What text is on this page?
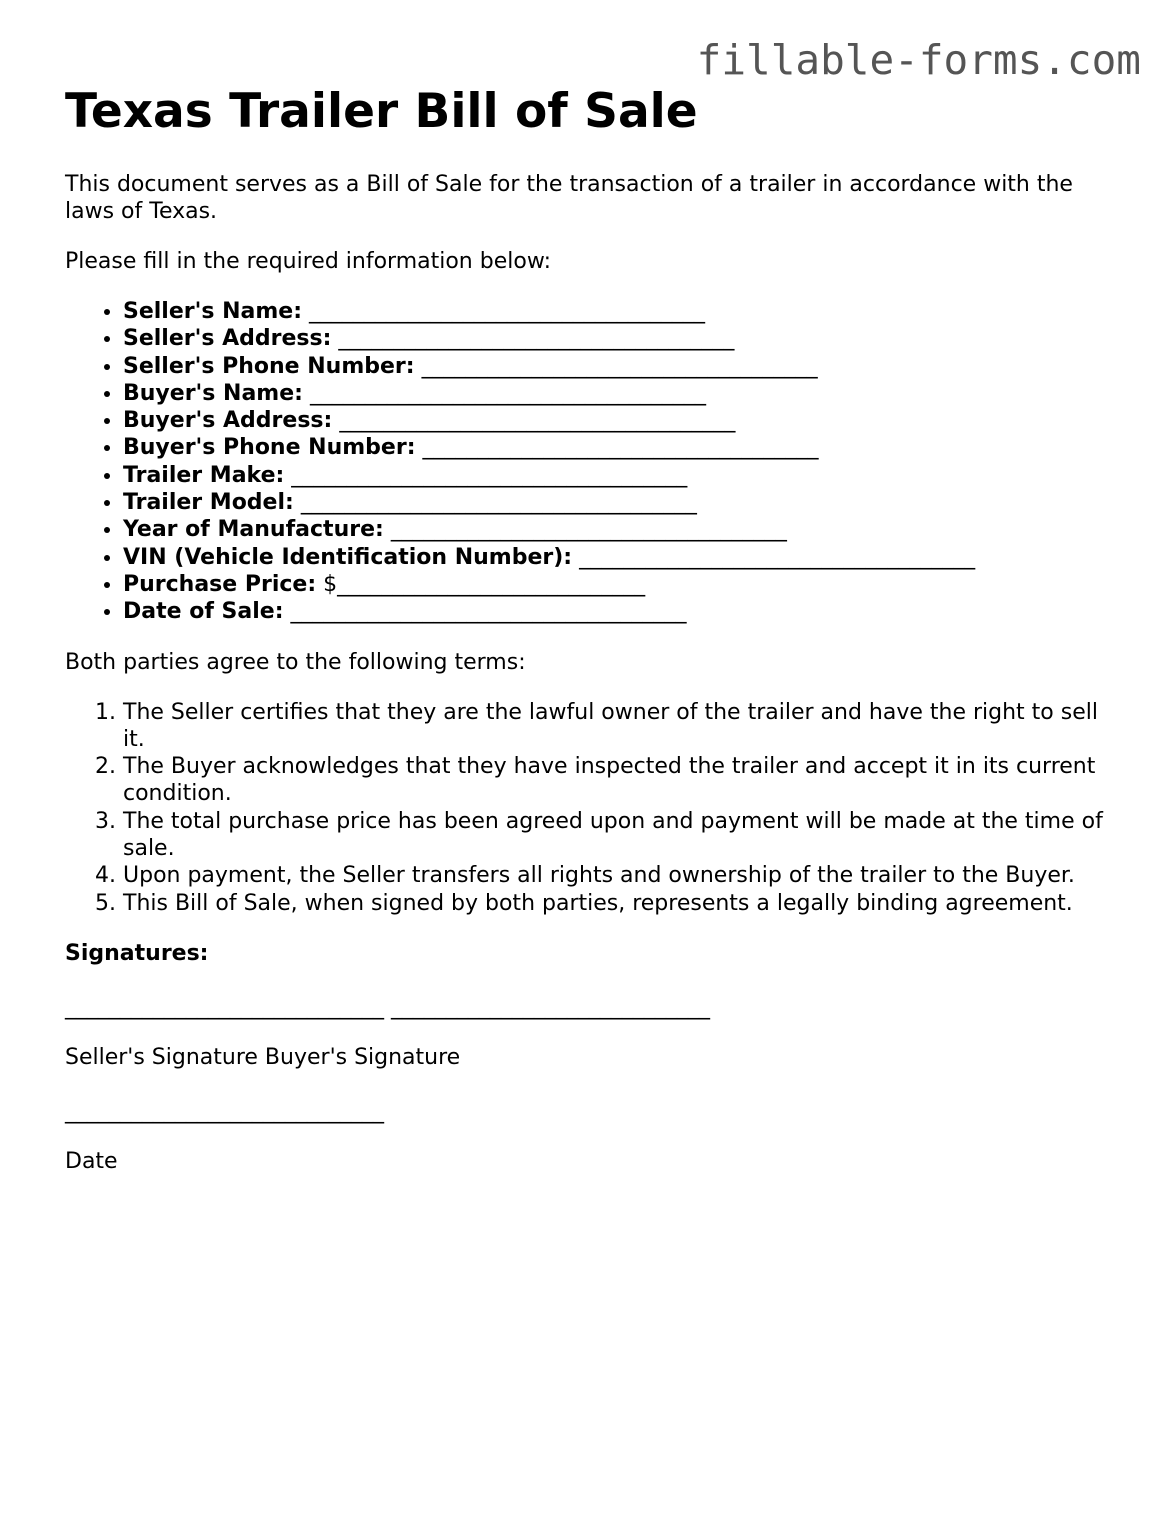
fillable-forms.com
Texas Trailer Bill of Sale

This document serves as a Bill of Sale for the transaction of a trailer in accordance with the laws of Texas.

Please fill in the required information below:

• Seller's Name: ____________________________________
• Seller's Address: ____________________________________
• Seller's Phone Number: ____________________________________
• Buyer's Name: ____________________________________
• Buyer's Address: ____________________________________
• Buyer's Phone Number: ____________________________________
• Trailer Make: ____________________________________
• Trailer Model: ____________________________________
• Year of Manufacture: ____________________________________
• VIN (Vehicle Identification Number): ____________________________________
• Purchase Price: $____________________________
• Date of Sale: ____________________________________

Both parties agree to the following terms:

1. The Seller certifies that they are the lawful owner of the trailer and have the right to sell it.
2. The Buyer acknowledges that they have inspected the trailer and accept it in its current condition.
3. The total purchase price has been agreed upon and payment will be made at the time of sale.
4. Upon payment, the Seller transfers all rights and ownership of the trailer to the Buyer.
5. This Bill of Sale, when signed by both parties, represents a legally binding agreement.

Signatures:

_____________________________ _____________________________

Seller's Signature Buyer's Signature

_____________________________

Date
